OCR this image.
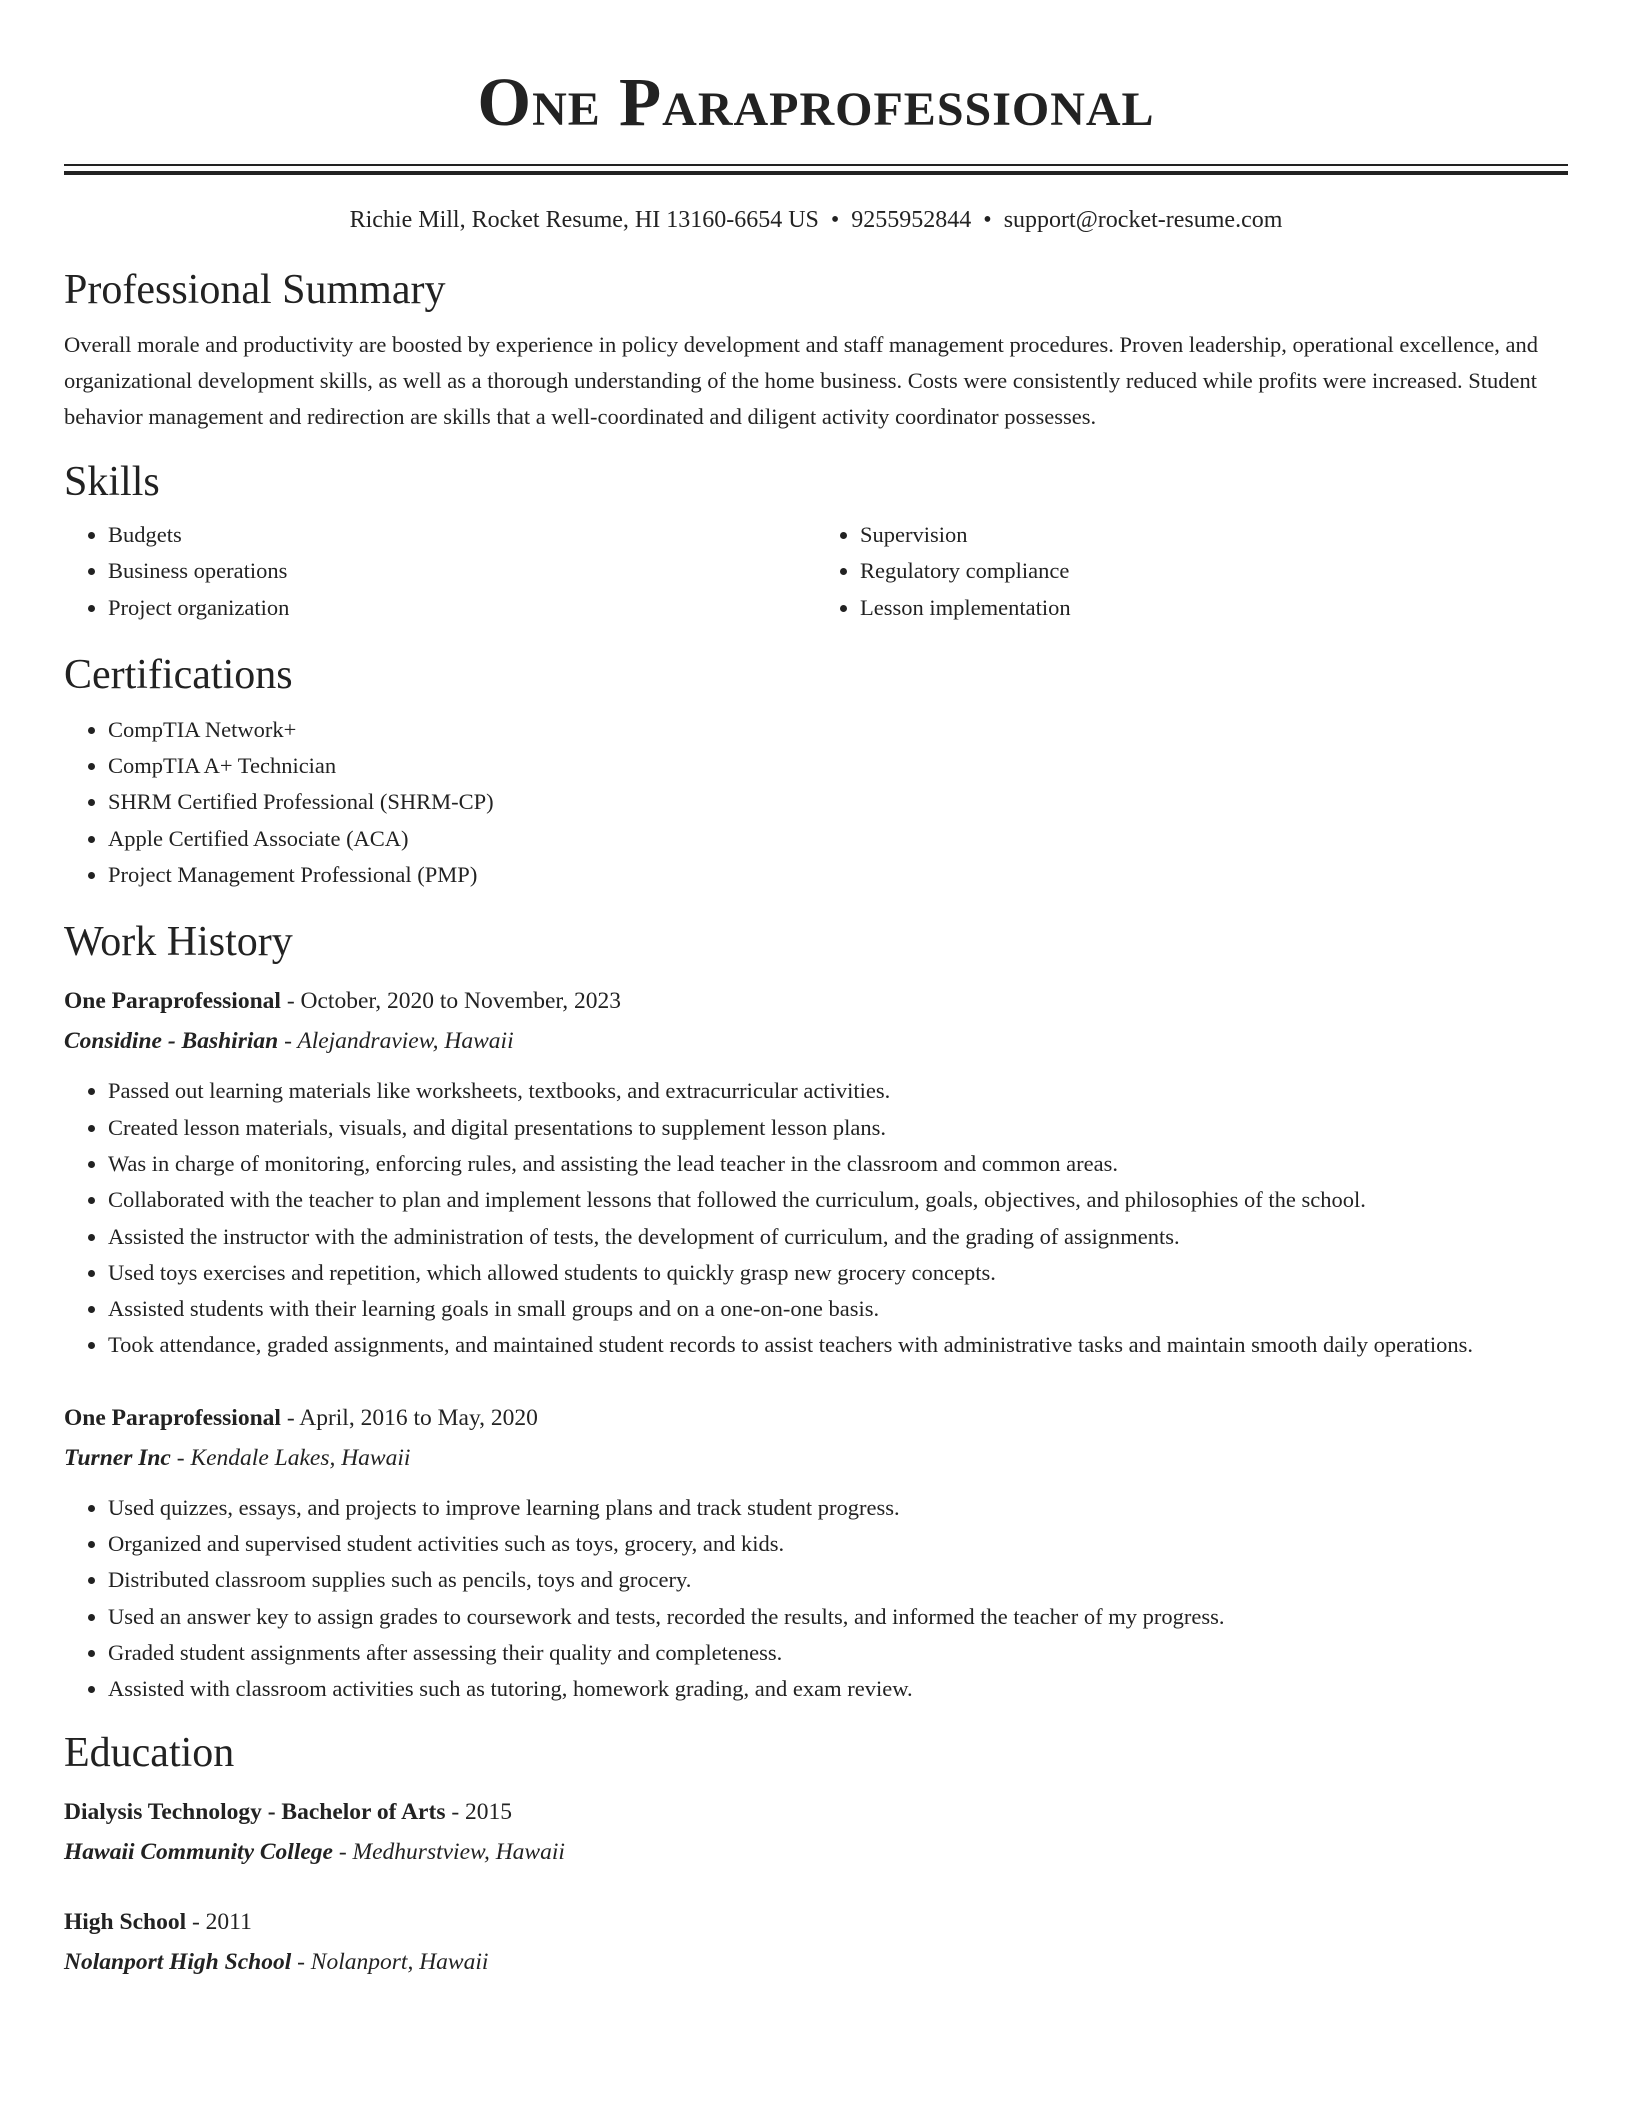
One Paraprofessional
Richie Mill, Rocket Resume, HI 13160-6654 US • 9255952844 • support@rocket-resume.com
Professional Summary

Overall morale and productivity are boosted by experience in policy development and staff management procedures. Proven leadership, operational excellence, and organizational development skills, as well as a thorough understanding of the home business. Costs were consistently reduced while profits were increased. Student behavior management and redirection are skills that a well-coordinated and diligent activity coordinator possesses.

Skills
• Budgets
• Business operations
• Project organization
• Supervision
• Regulatory compliance
• Lesson implementation
Certifications
• CompTIA Network+
• CompTIA A+ Technician
• SHRM Certified Professional (SHRM-CP)
• Apple Certified Associate (ACA)
• Project Management Professional (PMP)
Work History
One Paraprofessional - October, 2020 to November, 2023
Considine - Bashirian - Alejandraview, Hawaii
• Passed out learning materials like worksheets, textbooks, and extracurricular activities.
• Created lesson materials, visuals, and digital presentations to supplement lesson plans.
• Was in charge of monitoring, enforcing rules, and assisting the lead teacher in the classroom and common areas.
• Collaborated with the teacher to plan and implement lessons that followed the curriculum, goals, objectives, and philosophies of the school.
• Assisted the instructor with the administration of tests, the development of curriculum, and the grading of assignments.
• Used toys exercises and repetition, which allowed students to quickly grasp new grocery concepts.
• Assisted students with their learning goals in small groups and on a one-on-one basis.
• Took attendance, graded assignments, and maintained student records to assist teachers with administrative tasks and maintain smooth daily operations.
One Paraprofessional - April, 2016 to May, 2020
Turner Inc - Kendale Lakes, Hawaii
• Used quizzes, essays, and projects to improve learning plans and track student progress.
• Organized and supervised student activities such as toys, grocery, and kids.
• Distributed classroom supplies such as pencils, toys and grocery.
• Used an answer key to assign grades to coursework and tests, recorded the results, and informed the teacher of my progress.
• Graded student assignments after assessing their quality and completeness.
• Assisted with classroom activities such as tutoring, homework grading, and exam review.
Education
Dialysis Technology - Bachelor of Arts - 2015
Hawaii Community College - Medhurstview, Hawaii
High School - 2011
Nolanport High School - Nolanport, Hawaii
